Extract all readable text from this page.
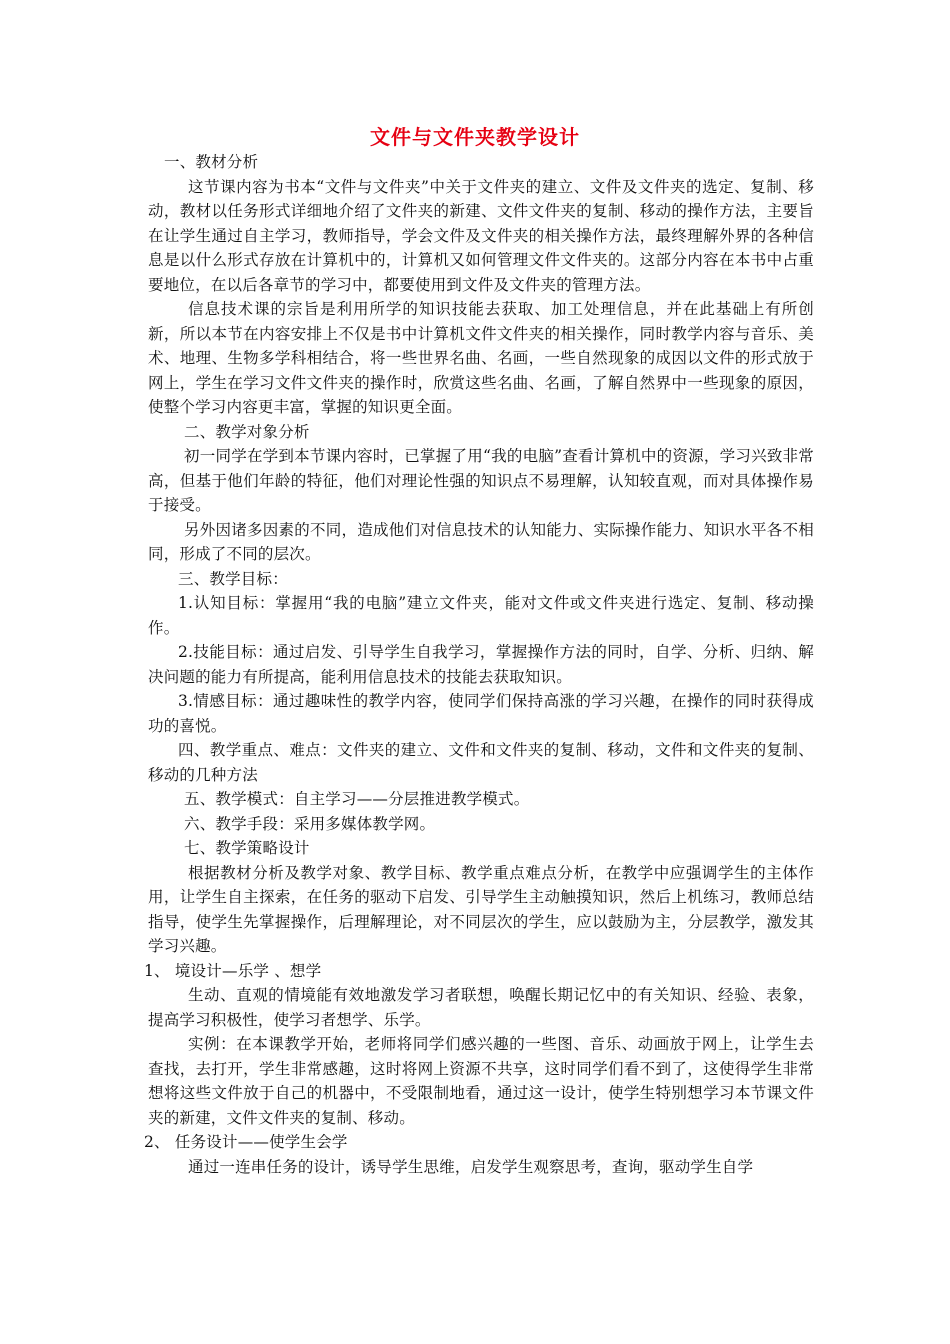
文件与文件夹教学设计

一、教材分析

这节课内容为书本“文件与文件夹”中关于文件夹的建立、文件及文件夹的选定、复制、移动，教材以任务形式详细地介绍了文件夹的新建、文件文件夹的复制、移动的操作方法，主要旨在让学生通过自主学习，教师指导，学会文件及文件夹的相关操作方法，最终理解外界的各种信息是以什么形式存放在计算机中的，计算机又如何管理文件文件夹的。这部分内容在本书中占重要地位，在以后各章节的学习中，都要使用到文件及文件夹的管理方法。

信息技术课的宗旨是利用所学的知识技能去获取、加工处理信息，并在此基础上有所创新，所以本节在内容安排上不仅是书中计算机文件文件夹的相关操作，同时教学内容与音乐、美术、地理、生物多学科相结合，将一些世界名曲、名画，一些自然现象的成因以文件的形式放于网上，学生在学习文件文件夹的操作时，欣赏这些名曲、名画，了解自然界中一些现象的原因，使整个学习内容更丰富，掌握的知识更全面。

二、教学对象分析

初一同学在学到本节课内容时，已掌握了用“我的电脑”查看计算机中的资源，学习兴致非常高，但基于他们年龄的特征，他们对理论性强的知识点不易理解，认知较直观，而对具体操作易于接受。

另外因诸多因素的不同，造成他们对信息技术的认知能力、实际操作能力、知识水平各不相同，形成了不同的层次。

三、教学目标：

1.认知目标：掌握用“我的电脑”建立文件夹，能对文件或文件夹进行选定、复制、移动操作。

2.技能目标：通过启发、引导学生自我学习，掌握操作方法的同时，自学、分析、归纳、解决问题的能力有所提高，能利用信息技术的技能去获取知识。

3.情感目标：通过趣味性的教学内容，使同学们保持高涨的学习兴趣，在操作的同时获得成功的喜悦。

四、教学重点、难点：文件夹的建立、文件和文件夹的复制、移动，文件和文件夹的复制、移动的几种方法

五、教学模式：自主学习——分层推进教学模式。

六、教学手段：采用多媒体教学网。

七、教学策略设计

根据教材分析及教学对象、教学目标、教学重点难点分析，在教学中应强调学生的主体作用，让学生自主探索，在任务的驱动下启发、引导学生主动触摸知识，然后上机练习，教师总结指导，使学生先掌握操作，后理解理论，对不同层次的学生，应以鼓励为主，分层教学，激发其学习兴趣。

1、 境设计—乐学 、想学

生动、直观的情境能有效地激发学习者联想，唤醒长期记忆中的有关知识、经验、表象，提高学习积极性，使学习者想学、乐学。

实例：在本课教学开始，老师将同学们感兴趣的一些图、音乐、动画放于网上，让学生去查找，去打开，学生非常感趣，这时将网上资源不共享，这时同学们看不到了，这使得学生非常想将这些文件放于自己的机器中，不受限制地看，通过这一设计，使学生特别想学习本节课文件夹的新建，文件文件夹的复制、移动。

2、 任务设计——使学生会学

通过一连串任务的设计，诱导学生思维，启发学生观察思考，查询，驱动学生自学
